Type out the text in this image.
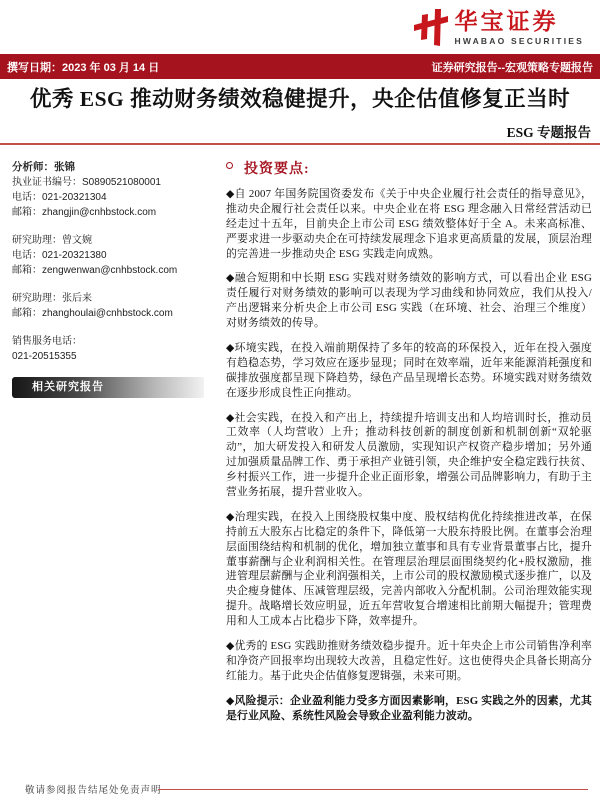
华宝证券
HWABAO SECURITIES
撰写日期：2023 年 03 月 14 日	证券研究报告--宏观策略专题报告
优秀 ESG 推动财务绩效稳健提升，央企估值修复正当时
ESG 专题报告
分析师：张锦
执业证书编号：S0890521080001
电话：021-20321304
邮箱：zhangjin@cnhbstock.com
研究助理：曾文婉
电话：021-20321380
邮箱：zengwenwan@cnhbstock.com
研究助理：张后来
邮箱：zhanghoulai@cnhbstock.com
销售服务电话：
021-20515355
相关研究报告
投资要点:

◆自 2007 年国务院国资委发布《关于中央企业履行社会责任的指导意见》，推动央企履行社会责任以来。中央企业在将 ESG 理念融入日常经营活动已经走过十五年，目前央企上市公司 ESG 绩效整体好于全 A。未来高标准、严要求进一步驱动央企在可持续发展理念下追求更高质量的发展，顶层治理的完善进一步推动央企 ESG 实践走向成熟。

◆融合短期和中长期 ESG 实践对财务绩效的影响方式，可以看出企业 ESG 责任履行对财务绩效的影响可以表现为学习曲线和协同效应，我们从投入/产出逻辑来分析央企上市公司 ESG 实践（在环境、社会、治理三个维度）对财务绩效的传导。

◆环境实践，在投入端前期保持了多年的较高的环保投入，近年在投入强度有趋稳态势，学习效应在逐步显现；同时在效率端，近年来能源消耗强度和碳排放强度都呈现下降趋势，绿色产品呈现增长态势。环境实践对财务绩效在逐步形成良性正向推动。

◆社会实践，在投入和产出上，持续提升培训支出和人均培训时长，推动员工效率（人均营收）上升；推动科技创新的制度创新和机制创新“双轮驱动”，加大研发投入和研发人员激励，实现知识产权资产稳步增加；另外通过加强质量品牌工作、勇于承担产业链引领，央企维护安全稳定践行扶贫、乡村振兴工作，进一步提升企业正面形象，增强公司品牌影响力，有助于主营业务拓展，提升营业收入。

◆治理实践，在投入上围绕股权集中度、股权结构优化持续推进改革，在保持前五大股东占比稳定的条件下，降低第一大股东持股比例。在董事会治理层面围绕结构和机制的优化，增加独立董事和具有专业背景董事占比，提升董事薪酬与企业利润相关性。在管理层治理层面围绕契约化+股权激励，推进管理层薪酬与企业利润强相关，上市公司的股权激励模式逐步推广，以及央企瘦身健体、压减管理层级，完善内部收入分配机制。公司治理效能实现提升。战略增长效应明显，近五年营收复合增速相比前期大幅提升；管理费用和人工成本占比稳步下降，效率提升。

◆优秀的 ESG 实践助推财务绩效稳步提升。近十年央企上市公司销售净利率和净资产回报率均出现较大改善，且稳定性好。这也使得央企具备长期高分红能力。基于此央企估值修复逻辑强，未来可期。

◆风险提示：企业盈利能力受多方面因素影响，ESG 实践之外的因素，尤其是行业风险、系统性风险会导致企业盈利能力波动。

敬请参阅报告结尾处免责声明
